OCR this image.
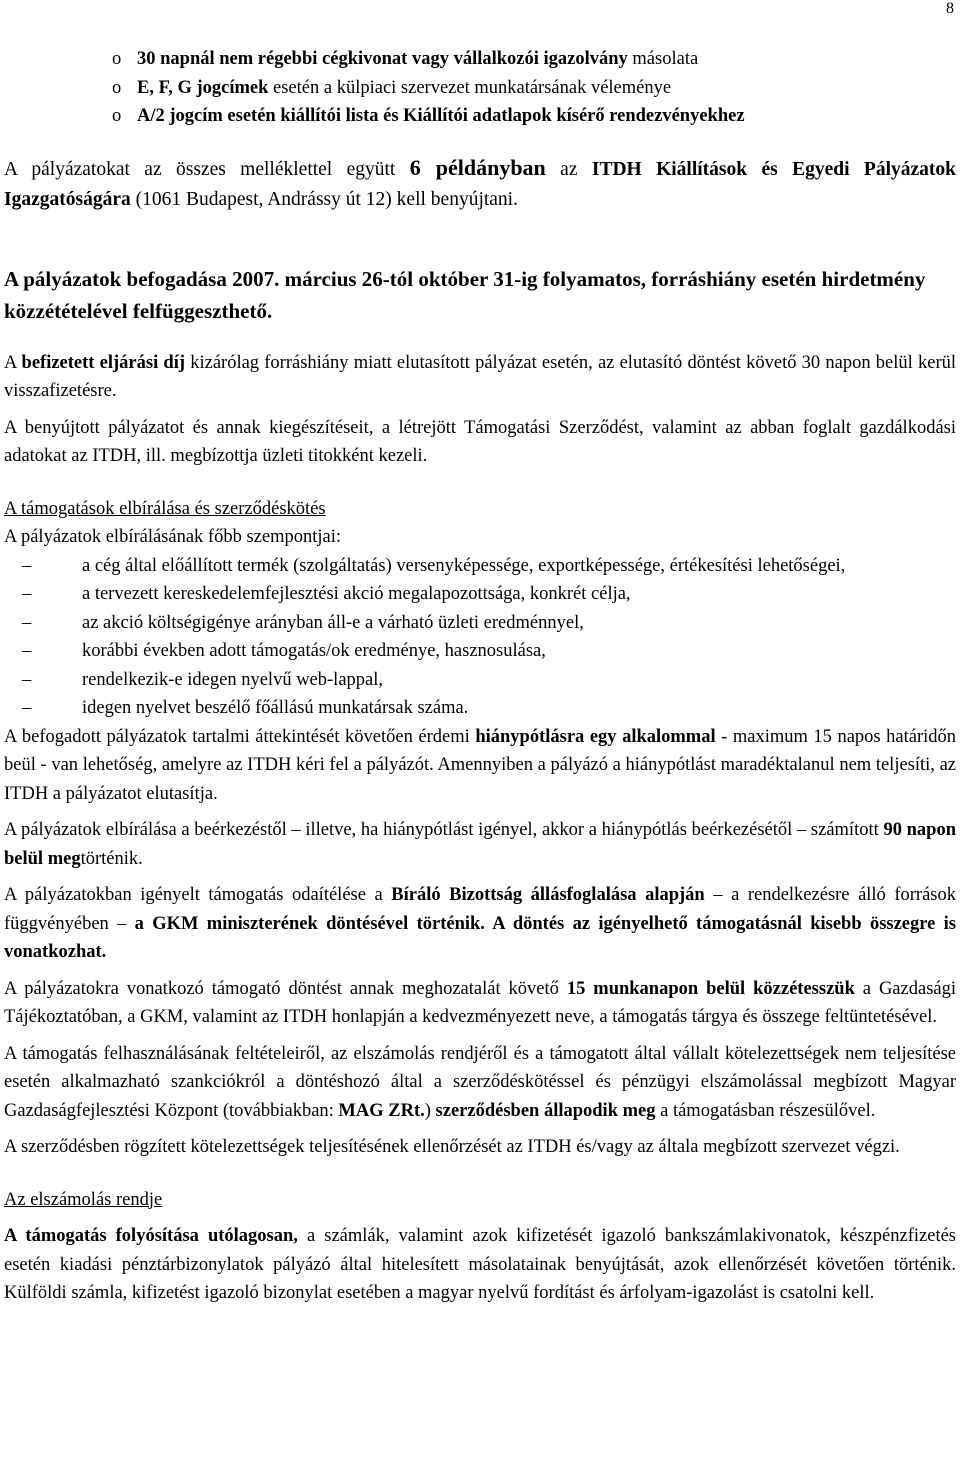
8
o 30 napnál nem régebbi cégkivonat vagy vállalkozói igazolvány másolata
o E, F, G jogcímek esetén a külpiaci szervezet munkatársának véleménye
o A/2 jogcím esetén kiállítói lista és Kiállítói adatlapok kísérő rendezvényekhez

A pályázatokat az összes melléklettel együtt 6 példányban az ITDH Kiállítások és Egyedi Pályázatok Igazgatóságára (1061 Budapest, Andrássy út 12) kell benyújtani.

A pályázatok befogadása 2007. március 26-tól október 31-ig folyamatos, forráshiány esetén hirdetmény közzétételével felfüggeszthető.

A befizetett eljárási díj kizárólag forráshiány miatt elutasított pályázat esetén, az elutasító döntést követő 30 napon belül kerül visszafizetésre.

A benyújtott pályázatot és annak kiegészítéseit, a létrejött Támogatási Szerződést, valamint az abban foglalt gazdálkodási adatokat az ITDH, ill. megbízottja üzleti titokként kezeli.

A támogatások elbírálása és szerződéskötés

A pályázatok elbírálásának főbb szempontjai:

–	a cég által előállított termék (szolgáltatás) versenyképessége, exportképessége, értékesítési lehetőségei,
–	a tervezett kereskedelemfejlesztési akció megalapozottsága, konkrét célja,
–	az akció költségigénye arányban áll-e a várható üzleti eredménnyel,
–	korábbi években adott támogatás/ok eredménye, hasznosulása,
–	rendelkezik-e idegen nyelvű web-lappal,
–	idegen nyelvet beszélő főállású munkatársak száma.

A befogadott pályázatok tartalmi áttekintését követően érdemi hiánypótlásra egy alkalommal - maximum 15 napos határidőn beül - van lehetőség, amelyre az ITDH kéri fel a pályázót. Amennyiben a pályázó a hiánypótlást maradéktalanul nem teljesíti, az ITDH a pályázatot elutasítja.

A pályázatok elbírálása a beérkezéstől – illetve, ha hiánypótlást igényel, akkor a hiánypótlás beérkezésétől – számított 90 napon belül megtörténik.

A pályázatokban igényelt támogatás odaítélése a Bíráló Bizottság állásfoglalása alapján – a rendelkezésre álló források függvényében – a GKM miniszterének döntésével történik. A döntés az igényelhető támogatásnál kisebb összegre is vonatkozhat.

A pályázatokra vonatkozó támogató döntést annak meghozatalát követő 15 munkanapon belül közzétesszük a Gazdasági Tájékoztatóban, a GKM, valamint az ITDH honlapján a kedvezményezett neve, a támogatás tárgya és összege feltüntetésével.

A támogatás felhasználásának feltételeiről, az elszámolás rendjéről és a támogatott által vállalt kötelezettségek nem teljesítése esetén alkalmazható szankciókról a döntéshozó által a szerződéskötéssel és pénzügyi elszámolással megbízott Magyar Gazdaságfejlesztési Központ (továbbiakban: MAG ZRt.) szerződésben állapodik meg a támogatásban részesülővel.

A szerződésben rögzített kötelezettségek teljesítésének ellenőrzését az ITDH és/vagy az általa megbízott szervezet végzi.

Az elszámolás rendje

A támogatás folyósítása utólagosan, a számlák, valamint azok kifizetését igazoló bankszámlakivonatok, készpénzfizetés esetén kiadási pénztárbizonylatok pályázó által hitelesített másolatainak benyújtását, azok ellenőrzését követően történik. Külföldi számla, kifizetést igazoló bizonylat esetében a magyar nyelvű fordítást és árfolyam-igazolást is csatolni kell.
